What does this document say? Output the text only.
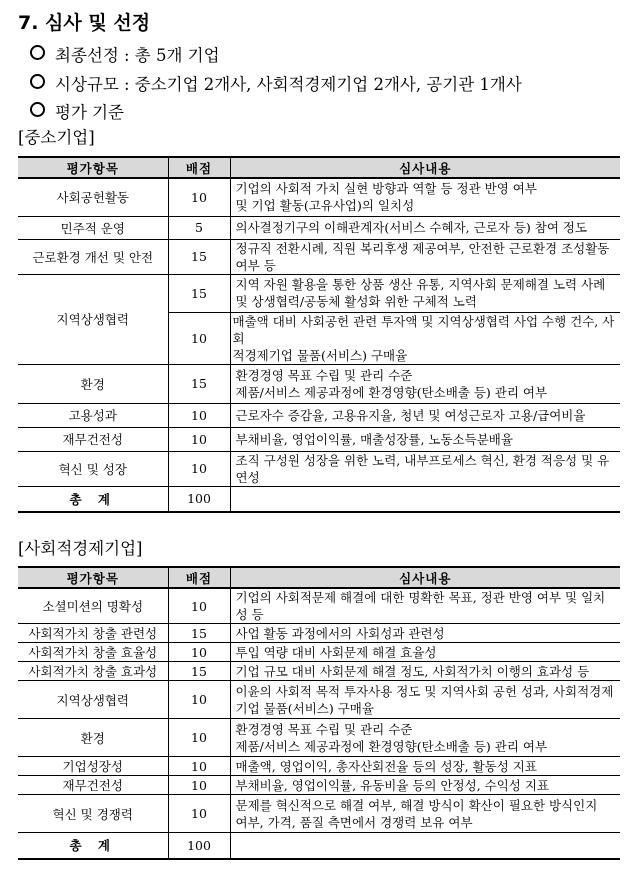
7. 심사 및 선정
최종선정 : 총 5개 기업
시상규모 : 중소기업 2개사, 사회적경제기업 2개사, 공기관 1개사
평가 기준
[중소기업]
평가항목	배점	심사내용
사회공헌활동	10	기업의 사회적 가치 실현 방향과 역할 등 정관 반영 여부
및 기업 활동(고유사업)의 일치성

민주적 운영	5	의사결정기구의 이해관계자(서비스 수혜자, 근로자 등) 참여 정도

근로환경 개선 및 안전	15	정규직 전환시례, 직원 복리후생 제공여부, 안전한 근로환경 조성활동 여부 등

지역상생협력	15	지역 자원 활용을 통한 상품 생산 유통, 지역사회 문제해결 노력 사례
및 상생협력/공동체 활성화 위한 구체적 노력

	10	매출액 대비 사회공헌 관련 투자액 및 지역상생협력 사업 수행 건수, 사회
적경제기업 물품(서비스) 구매율

환경	15	환경경영 목표 수립 및 관리 수준
제품/서비스 제공과정에 환경영향(탄소배출 등) 관리 여부

고용성과	10	근로자수 증감율, 고용유지율, 청년 및 여성근로자 고용/급여비율

재무건전성	10	부채비율, 영업이익률, 매출성장률, 노동소득분배율

혁신 및 성장	10	조직 구성원 성장을 위한 노력, 내부프로세스 혁신, 환경 적응성 및 유연성

총 계	100	
[사회적경제기업]
평가항목	배점	심사내용
소셜미션의 명확성	10	기업의 사회적문제 해결에 대한 명확한 목표, 정관 반영 여부 및 일치성 등

사회적가치 창출 관련성	15	사업 활동 과정에서의 사회성과 관련성

사회적가치 창출 효율성	10	투입 역량 대비 사회문제 해결 효율성

사회적가치 창출 효과성	15	기업 규모 대비 사회문제 해결 정도, 사회적가치 이행의 효과성 등

지역상생협력	10	이윤의 사회적 목적 투자사용 정도 및 지역사회 공헌 성과, 사회적경제
기업 물품(서비스) 구매율

환경	10	환경경영 목표 수립 및 관리 수준
제품/서비스 제공과정에 환경영향(탄소배출 등) 관리 여부

기업성장성	10	매출액, 영업이익, 총자산회전율 등의 성장, 활동성 지표

재무건전성	10	부채비율, 영업이익률, 유동비율 등의 안정성, 수익성 지표

혁신 및 경쟁력	10	문제를 혁신적으로 해결 여부, 해결 방식이 확산이 필요한 방식인지
여부, 가격, 품질 측면에서 경쟁력 보유 여부

총 계	100	
